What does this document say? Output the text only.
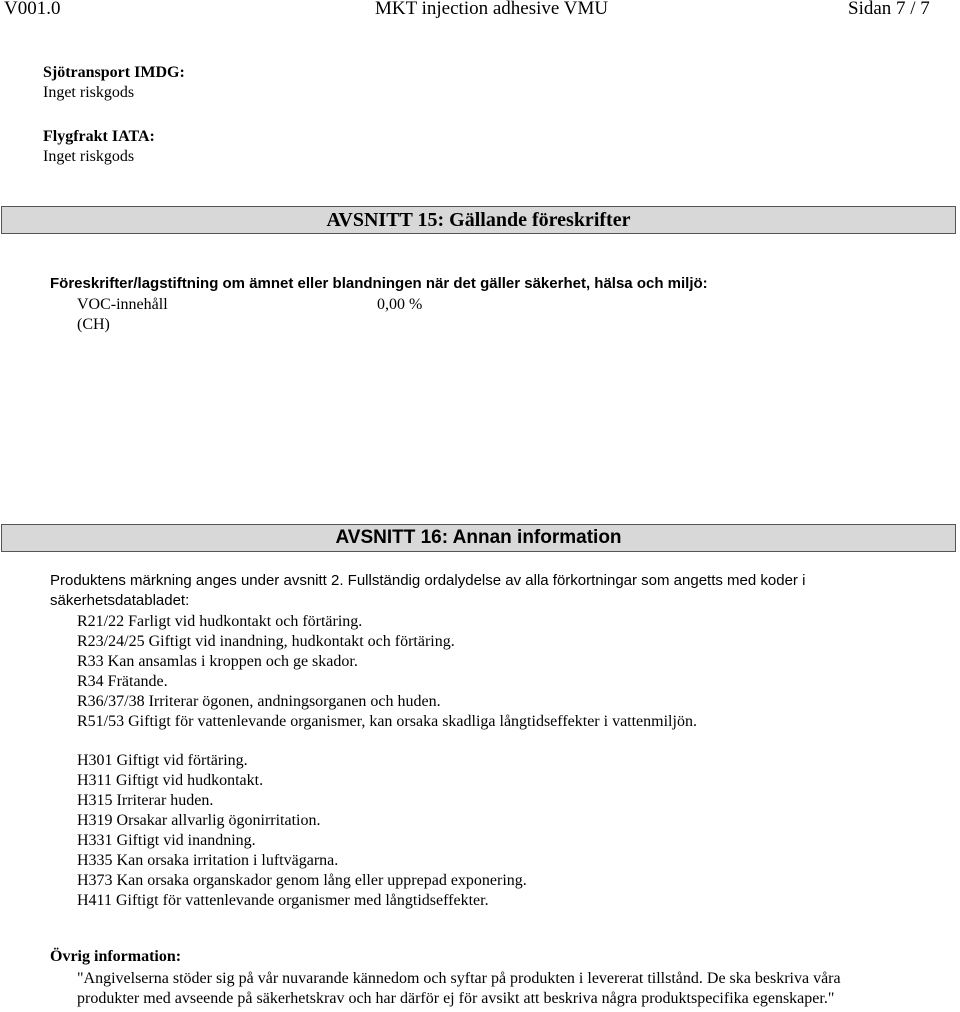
V001.0	MKT injection adhesive VMU	Sidan 7 / 7
Sjötransport IMDG:
Inget riskgods
Flygfrakt IATA:
Inget riskgods
AVSNITT 15: Gällande föreskrifter
Föreskrifter/lagstiftning om ämnet eller blandningen när det gäller säkerhet, hälsa och miljö:
VOC-innehåll	0,00 %
(CH)
AVSNITT 16: Annan information
Produktens märkning anges under avsnitt 2. Fullständig ordalydelse av alla förkortningar som angetts med koder i
säkerhetsdatabladet:
R21/22 Farligt vid hudkontakt och förtäring.
R23/24/25 Giftigt vid inandning, hudkontakt och förtäring.
R33 Kan ansamlas i kroppen och ge skador.
R34 Frätande.
R36/37/38 Irriterar ögonen, andningsorganen och huden.
R51/53 Giftigt för vattenlevande organismer, kan orsaka skadliga långtidseffekter i vattenmiljön.
H301 Giftigt vid förtäring.
H311 Giftigt vid hudkontakt.
H315 Irriterar huden.
H319 Orsakar allvarlig ögonirritation.
H331 Giftigt vid inandning.
H335 Kan orsaka irritation i luftvägarna.
H373 Kan orsaka organskador genom lång eller upprepad exponering.
H411 Giftigt för vattenlevande organismer med långtidseffekter.
Övrig information:
"Angivelserna stöder sig på vår nuvarande kännedom och syftar på produkten i levererat tillstånd. De ska beskriva våra
produkter med avseende på säkerhetskrav och har därför ej för avsikt att beskriva några produktspecifika egenskaper."
